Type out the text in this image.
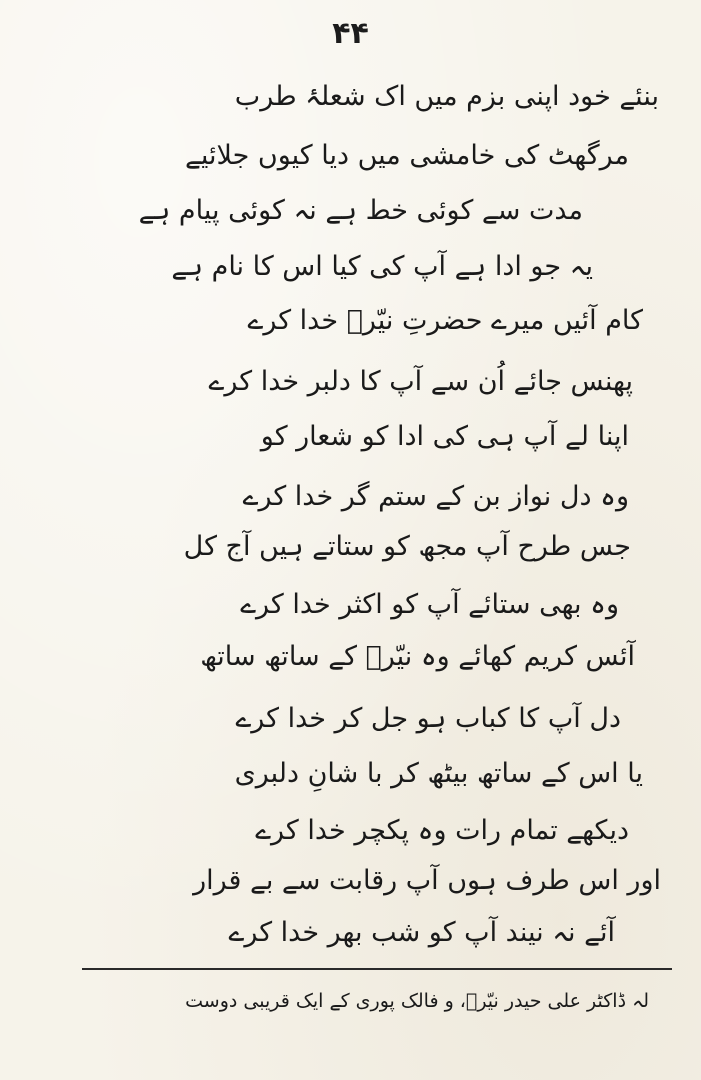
۴۴
بنئے خود اپنی بزم میں اک شعلۂ طرب
مرگھٹ کی خامشی میں دیا کیوں جلائیے
مدت سے کوئی خط ہے نہ کوئی پیام ہے
یہ جو ادا ہے آپ کی کیا اس کا نام ہے
کام آئیں میرے حضرتِ نیّرؔ خدا کرے
پھنس جائے اُن سے آپ کا دلبر خدا کرے
اپنا لے آپ ہی کی ادا کو شعار کو
وہ دل نواز بن کے ستم گر خدا کرے
جس طرح آپ مجھ کو ستاتے ہیں آج کل
وہ بھی ستائے آپ کو اکثر خدا کرے
آئس کریم کھائے وہ نیّرؔ کے ساتھ ساتھ
دل آپ کا کباب ہو جل کر خدا کرے
یا اس کے ساتھ بیٹھ کر با شانِ دلبری
دیکھے تمام رات وہ پکچر خدا کرے
اور اس طرف ہوں آپ رقابت سے بے قرار
آئے نہ نیند آپ کو شب بھر خدا کرے
لہ ڈاکٹر علی حیدر نیّرؔ، و فالک پوری کے ایک قریبی دوست
